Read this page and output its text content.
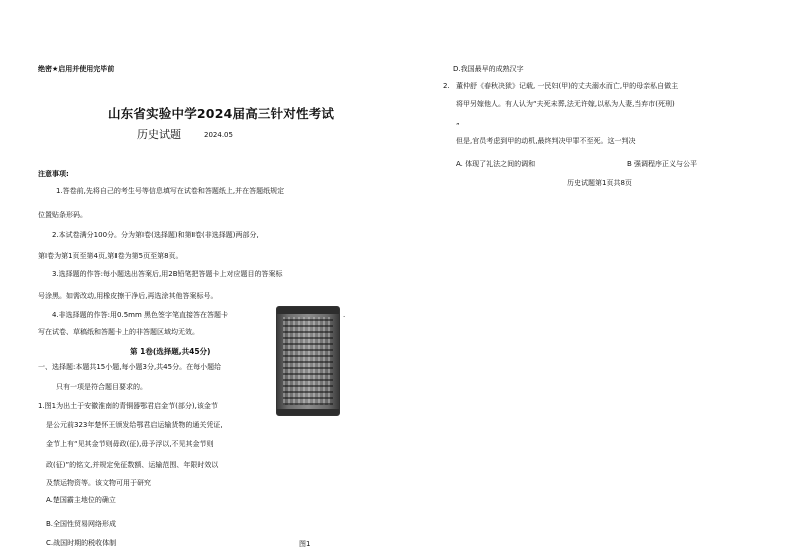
绝密★启用并使用完毕前
山东省实验中学2024届高三针对性考试
历史试题	2024.05
注意事项:
1.答卷前,先将自己的考生号等信息填写在试卷和答题纸上,并在答题纸规定
位置贴条形码。
2.本试卷满分100分。分为第Ⅰ卷(选择题)和第Ⅱ卷(非选择题)两部分,
第Ⅰ卷为第1页至第4页,第Ⅱ卷为第5页至第8页。
3.选择题的作答:每小题选出答案后,用2B铅笔把答题卡上对应题目的答案标
号涂黑。如需改动,用橡皮擦干净后,再选涂其他答案标号。
4.非选择题的作答:用0.5mm 黑色签字笔直接答在答题卡
写在试卷、草稿纸和答题卡上的非答题区域均无效。
第 1卷(选择题,共45分)
一、选择题:本题共15小题,每小题3分,共45分。在每小题给
只有一项是符合题目要求的。
1.图1为出土于安徽淮南的青铜器鄂君启金节(部分),该金节
是公元前323年楚怀王颁发给鄂君启运输货物的通关凭证,
金节上有“见其金节则毋政(征),毋予浮以,不见其金节则
政(征)”的铭文,并规定免征数额、运输范围、年限时效以
及禁运物资等。该文物可用于研究
A.楚国霸主地位的确立
B.全国性贸易网络形成
C.战国时期的税收体制
.
图1
D.我国最早的成熟汉字
2. 董仲舒《春秋决狱》记载, 一民妇(甲)的丈夫溺水而亡,甲的母亲私自做主
将甲另嫁他人。有人认为“夫死未葬,法无许嫁,以私为人妻,当弃市(死刑)
”
但是,官员考虑到甲的动机,最终判决甲罪不至死。这一判决
A. 体现了礼法之间的调和	B 强调程序正义与公平
历史试题第1页共8页
